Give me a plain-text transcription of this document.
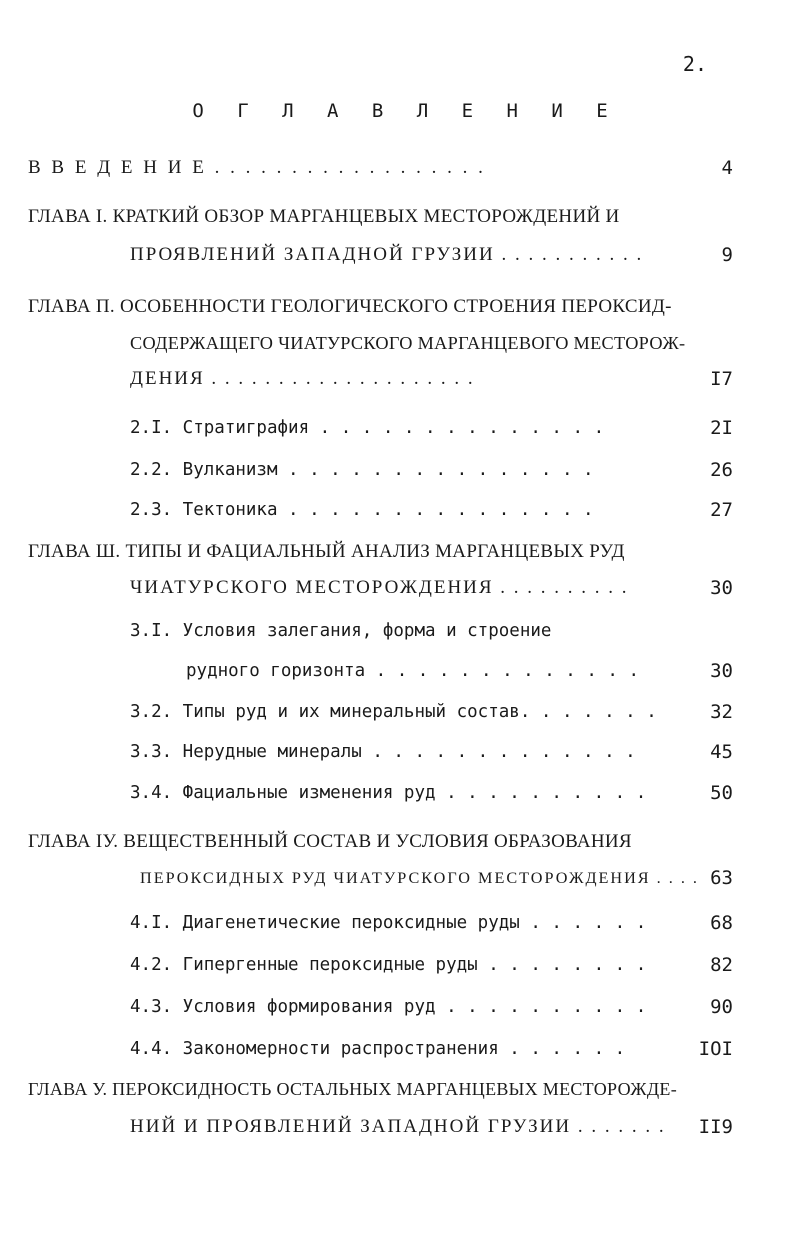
2.
О Г Л А В Л Е Н И Е
В В Е Д Е Н И Е . . . . . . . . . . . . . . . . . .	4
ГЛАВА I. КРАТКИЙ ОБЗОР МАРГАНЦЕВЫХ МЕСТОРОЖДЕНИЙ И
ПРОЯВЛЕНИЙ ЗАПАДНОЙ ГРУЗИИ . . . . . . . . . . .	9
ГЛАВА П. ОСОБЕННОСТИ ГЕОЛОГИЧЕСКОГО СТРОЕНИЯ ПЕРОКСИД-
СОДЕРЖАЩЕГО ЧИАТУРСКОГО МАРГАНЦЕВОГО МЕСТОРОЖ-
ДЕНИЯ . . . . . . . . . . . . . . . . . . . .	I7
2.I. Стратиграфия . . . . . . . . . . . . . .	2I
2.2. Вулканизм . . . . . . . . . . . . . . .	26
2.3. Тектоника . . . . . . . . . . . . . . .	27
ГЛАВА Ш. ТИПЫ И ФАЦИАЛЬНЫЙ АНАЛИЗ МАРГАНЦЕВЫХ РУД
ЧИАТУРСКОГО МЕСТОРОЖДЕНИЯ . . . . . . . . . .	30
3.I. Условия залегания, форма и строение
рудного горизонта . . . . . . . . . . . . .	30
3.2. Типы руд и их минеральный состав. . . . . . .	32
3.3. Нерудные минералы . . . . . . . . . . . . .	45
3.4. Фациальные изменения руд . . . . . . . . . .	50
ГЛАВА IУ. ВЕЩЕСТВЕННЫЙ СОСТАВ И УСЛОВИЯ ОБРАЗОВАНИЯ
ПЕРОКСИДНЫХ РУД ЧИАТУРСКОГО МЕСТОРОЖДЕНИЯ . . . . 63
4.I. Диагенетические пероксидные руды . . . . . .	68
4.2. Гипергенные пероксидные руды . . . . . . . .	82
4.3. Условия формирования руд . . . . . . . . . .	90
4.4. Закономерности распространения . . . . . .	IOI
ГЛАВА У. ПЕРОКСИДНОСТЬ ОСТАЛЬНЫХ МАРГАНЦЕВЫХ МЕСТОРОЖДЕ-
НИЙ И ПРОЯВЛЕНИЙ ЗАПАДНОЙ ГРУЗИИ . . . . . . . II9
